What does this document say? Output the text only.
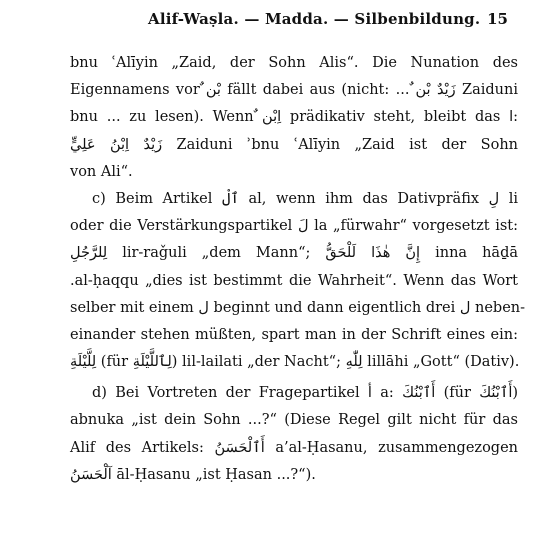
Alif-Waṣla. — Madda. — Silbenbildung. 15
bnu ʿAlīyin „Zaid, der Sohn Alis“. Die Nunation des
Eigennamens vor ٌبْن fällt dabei aus (nicht: ... ٌزَيْدٌ بْن Zaiduni
bnu ... zu lesen). Wenn ٌاِبْن prädikativ steht, bleibt das ا:
زَيْدٌ اِبْنُ عَلِيٍّ Zaiduni ʾbnu ʿAlīyin „Zaid ist der Sohn
von Ali“.
c) Beim Artikel ٱلْ al, wenn ihm das Dativpräfix لِ li
oder die Verstärkungspartikel لَ la „fürwahr“ vorgesetzt ist:
لِلرَّجُلِ lir-raǧuli „dem Mann“; إِنَّ هٰذَا لَلْحَقُّ inna hāḏā
.al-ḥaqqu „dies ist bestimmt die Wahrheit“. Wenn das Wort
selber mit einem ل beginnt und dann eigentlich drei ل neben-
einander stehen müßten, spart man in der Schrift eines ein:
لِلَّيْلَةِ (für لِٱللَّيْلَةِ) lil-lailati „der Nacht“; لِلّٰهِ lillāhi „Gott“ (Dativ).
d) Bei Vortreten der Fragepartikel أ a: أَٱبْنُكَ (für أَٱبْنُكَ)
abnuka „ist dein Sohn ...?“ (Diese Regel gilt nicht für das
Alif des Artikels: أَٱلْحَسَنُ a’al-Ḥasanu, zusammengezogen
آلْحَسَنُ āl-Ḥasanu „ist Ḥasan ...?“).
